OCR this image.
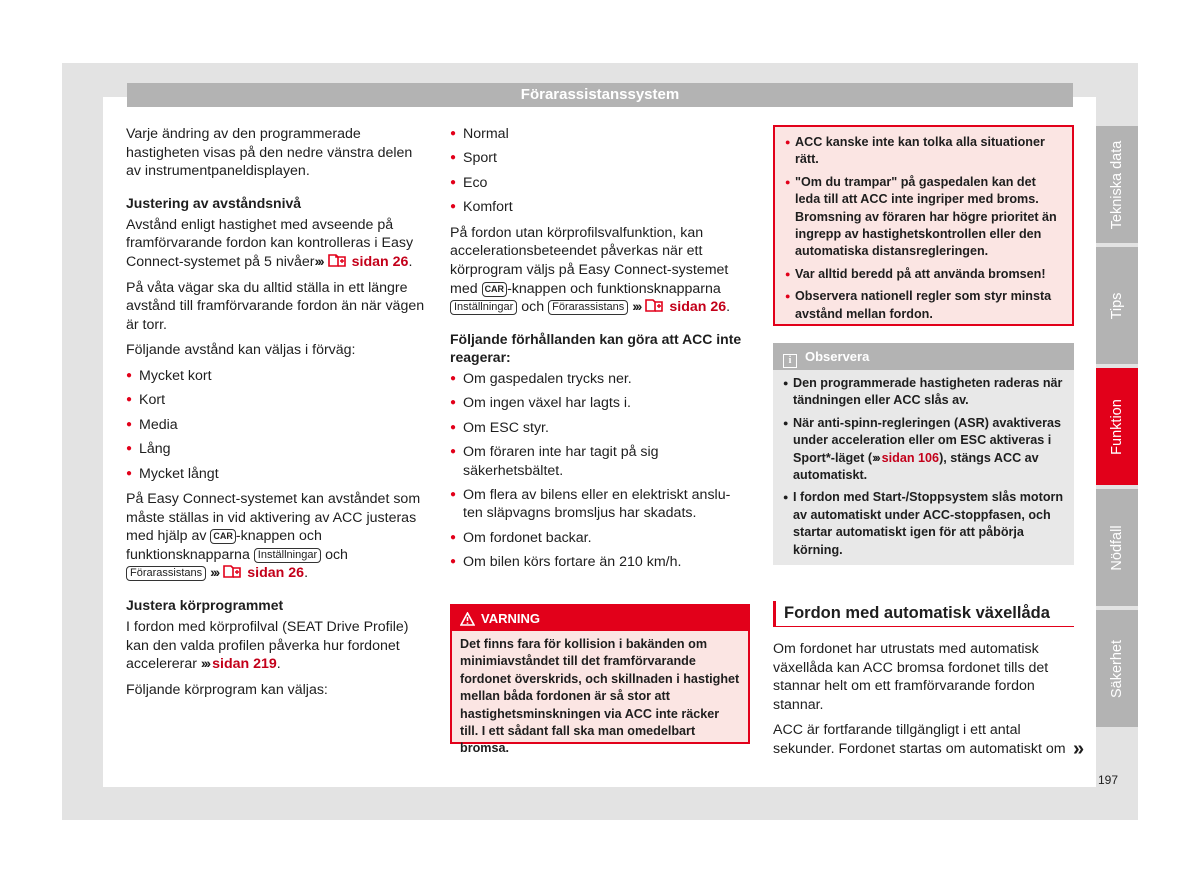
Förarassistanssystem

Varje ändring av den programmerade hastigheten visas på den nedre vänstra delen av instrumentpaneldisplayen.

Justering av avståndsnivå

Avstånd enligt hastighet med avseende på framförvarande fordon kan kontrolleras i Easy Connect-systemet på 5 nivåer››› sidan 26.

På våta vägar ska du alltid ställa in ett längre avstånd till framförvarande fordon än när vägen är torr.

Följande avstånd kan väljas i förväg:

● Mycket kort
● Kort
● Media
● Lång
● Mycket långt

På Easy Connect-systemet kan avståndet som måste ställas in vid aktivering av ACC justeras med hjälp av CAR -knappen och funktionsknapparna Inställningar och Förarassistans ››› sidan 26.

Justera körprogrammet

I fordon med körprofilval (SEAT Drive Profile) kan den valda profilen påverka hur fordonet accelererar ››› sidan 219.

Följande körprogram kan väljas:

● Normal
● Sport
● Eco
● Komfort

På fordon utan körprofilsvalfunktion, kan accelerationsbeteendet påverkas när ett körprogram väljs på Easy Connect-systemet med CAR -knappen och funktionsknapparna Inställningar och Förarassistans ››› sidan 26.

Följande förhållanden kan göra att ACC inte reagerar:
● Om gaspedalen trycks ner.
● Om ingen växel har lagts i.
● Om ESC styr.
● Om föraren inte har tagit på sig säkerhetsbältet.
● Om flera av bilens eller en elektriskt anslu-ten släpvagns bromsljus har skadats.
● Om fordonet backar.
● Om bilen körs fortare än 210 km/h.
VARNING
Det finns fara för kollision i bakänden om minimiavståndet till det framförvarande fordonet överskrids, och skillnaden i hastighet mellan båda fordonen är så stor att hastighetsminskningen via ACC inte räcker till. I ett sådant fall ska man omedelbart bromsa.
● ACC kanske inte kan tolka alla situationer rätt.
● "Om du trampar" på gaspedalen kan det leda till att ACC inte ingriper med broms. Bromsning av föraren har högre prioritet än ingrepp av hastighetskontrollen eller den automatiska distansregleringen.
● Var alltid beredd på att använda bromsen!
● Observera nationell regler som styr minsta avstånd mellan fordon.
i Observera
● Den programmerade hastigheten raderas när tändningen eller ACC slås av.
● När anti-spinn-regleringen (ASR) avaktiveras under acceleration eller om ESC aktiveras i Sport*-läget (››› sidan 106), stängs ACC av automatiskt.
● I fordon med Start-/Stoppsystem slås motorn av automatiskt under ACC-stoppfasen, och startar automatiskt igen för att påbörja körning.
Fordon med automatisk växellåda

Om fordonet har utrustats med automatisk växellåda kan ACC bromsa fordonet tills det stannar helt om ett framförvarande fordon stannar.

ACC är fortfarande tillgängligt i ett antal sekunder. Fordonet startas om automatiskt om »
Tekniska data
Tips
Funktion
Nödfall
Säkerhet
197
